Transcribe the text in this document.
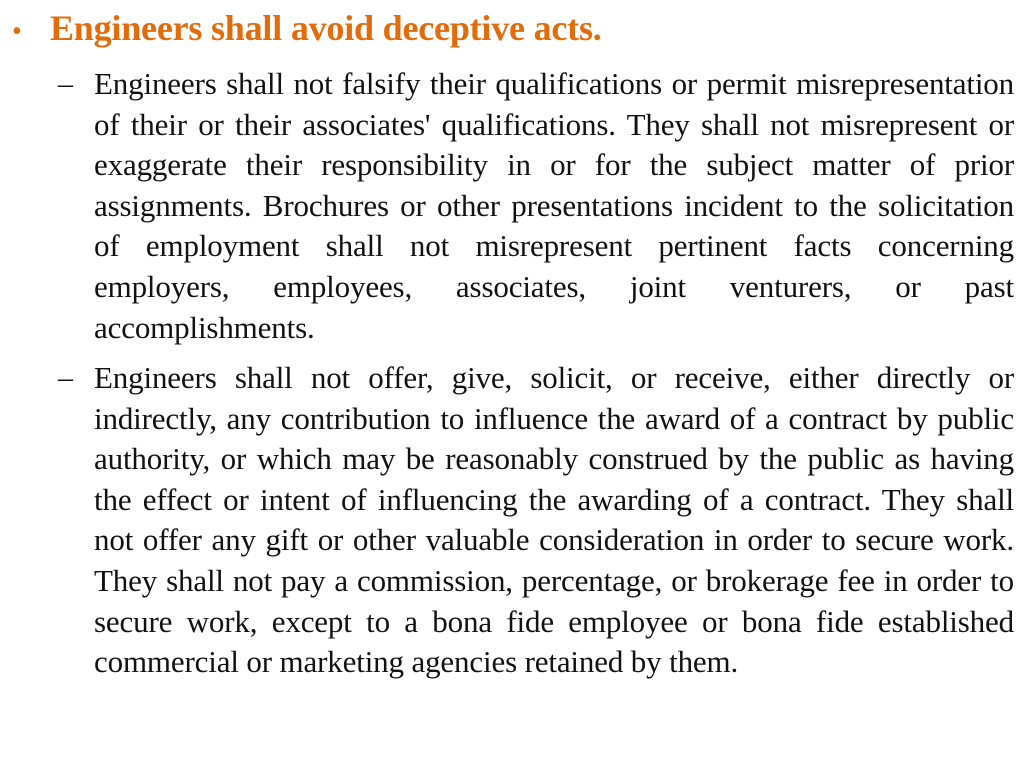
• Engineers shall avoid deceptive acts.
– Engineers shall not falsify their qualifications or permit misrepresentation of their or their associates' qualifications. They shall not misrepresent or exaggerate their responsibility in or for the subject matter of prior assignments. Brochures or other presentations incident to the solicitation of employment shall not misrepresent pertinent facts concerning employers, employees, associates, joint venturers, or past accomplishments.
– Engineers shall not offer, give, solicit, or receive, either directly or indirectly, any contribution to influence the award of a contract by public authority, or which may be reasonably construed by the public as having the effect or intent of influencing the awarding of a contract. They shall not offer any gift or other valuable consideration in order to secure work. They shall not pay a commission, percentage, or brokerage fee in order to secure work, except to a bona fide employee or bona fide established commercial or marketing agencies retained by them.
